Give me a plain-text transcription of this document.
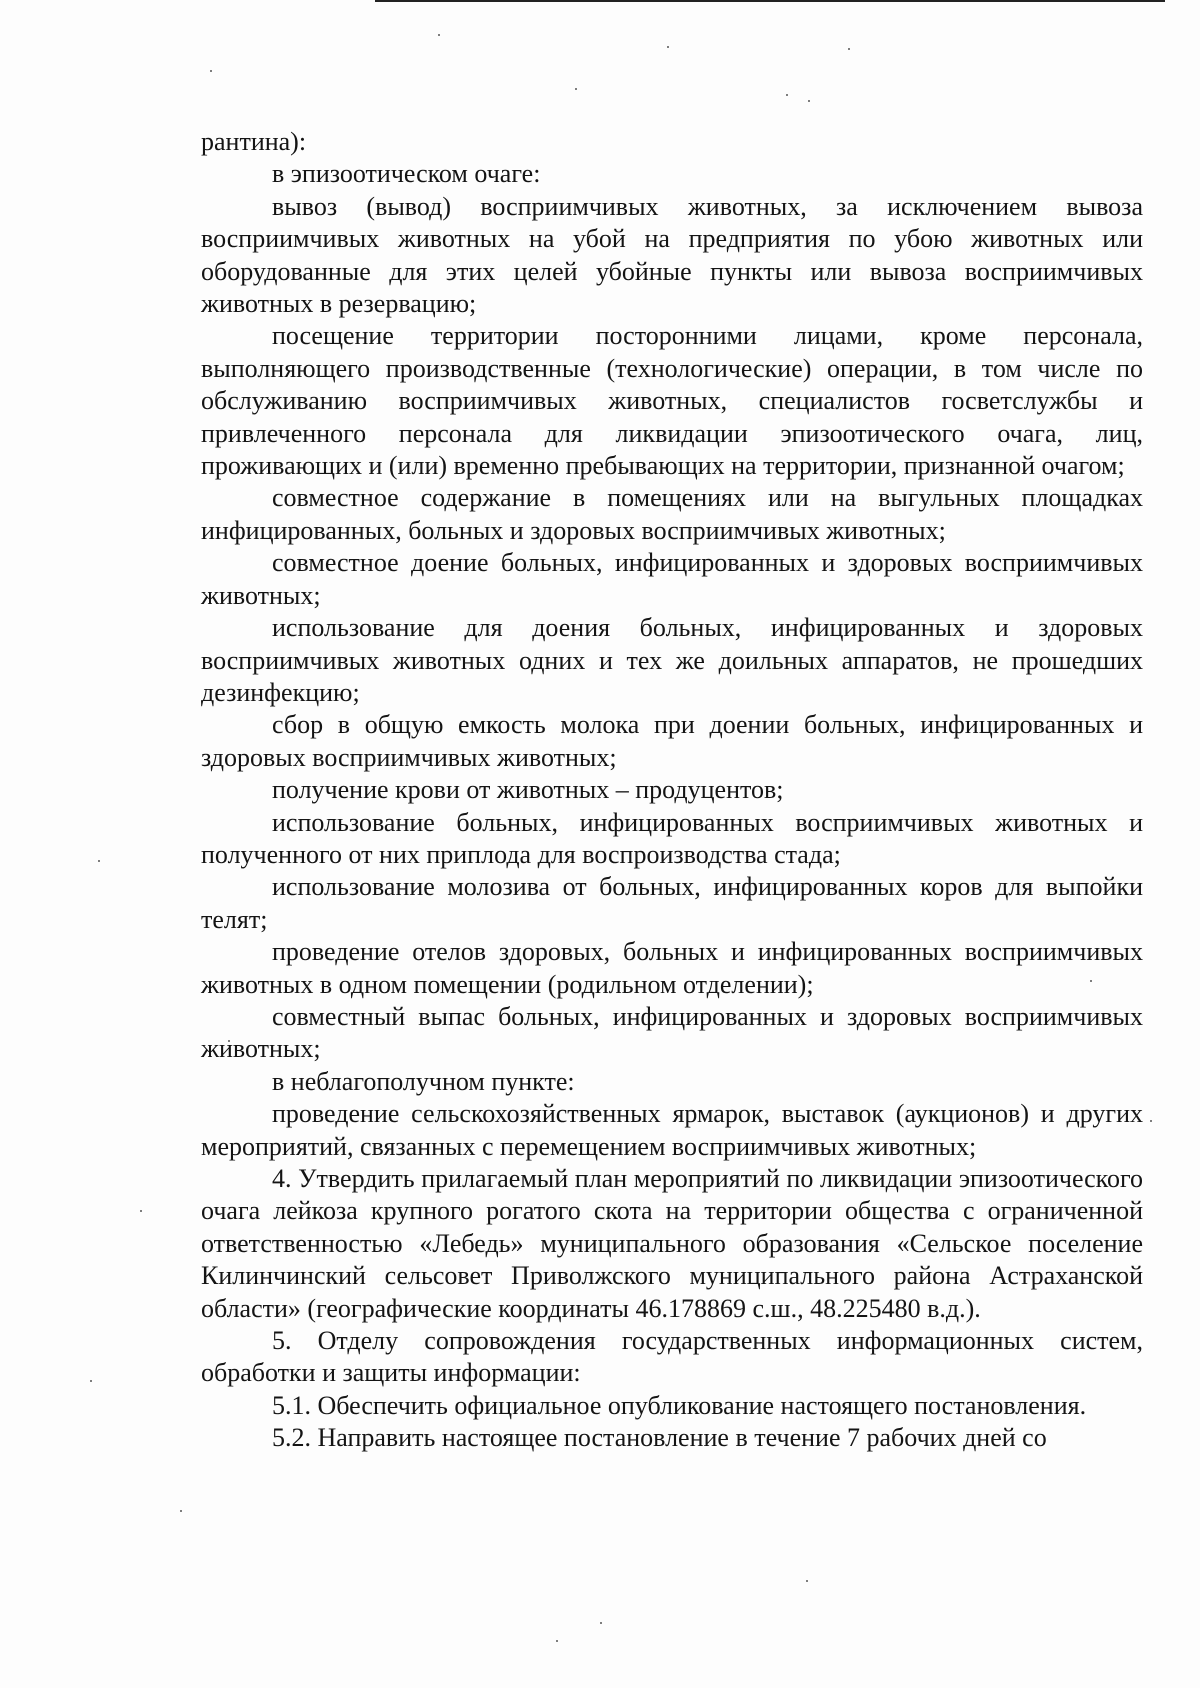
рантина):

в эпизоотическом очаге:

вывоз (вывод) восприимчивых животных, за исключением вывоза восприимчивых животных на убой на предприятия по убою животных или оборудованные для этих целей убойные пункты или вывоза восприимчивых животных в резервацию;

посещение территории посторонними лицами, кроме персонала, выполняющего производственные (технологические) операции, в том числе по обслуживанию восприимчивых животных, специалистов госветслужбы и привлеченного персонала для ликвидации эпизоотического очага, лиц, проживающих и (или) временно пребывающих на территории, признанной очагом;

совместное содержание в помещениях или на выгульных площадках инфицированных, больных и здоровых восприимчивых животных;

совместное доение больных, инфицированных и здоровых восприимчивых животных;

использование для доения больных, инфицированных и здоровых восприимчивых животных одних и тех же доильных аппаратов, не прошедших дезинфекцию;

сбор в общую емкость молока при доении больных, инфицированных и здоровых восприимчивых животных;

получение крови от животных – продуцентов;

использование больных, инфицированных восприимчивых животных и полученного от них приплода для воспроизводства стада;

использование молозива от больных, инфицированных коров для выпойки телят;

проведение отелов здоровых, больных и инфицированных восприимчивых животных в одном помещении (родильном отделении);

совместный выпас больных, инфицированных и здоровых восприимчивых животных;

в неблагополучном пункте:

проведение сельскохозяйственных ярмарок, выставок (аукционов) и других мероприятий, связанных с перемещением восприимчивых животных;

4. Утвердить прилагаемый план мероприятий по ликвидации эпизоотического очага лейкоза крупного рогатого скота на территории общества с ограниченной ответственностью «Лебедь» муниципального образования «Сельское поселение Килинчинский сельсовет Приволжского муниципального района Астраханской области» (географические координаты 46.178869 с.ш., 48.225480 в.д.).

5. Отделу сопровождения государственных информационных систем, обработки и защиты информации:

5.1. Обеспечить официальное опубликование настоящего постановления.

5.2. Направить настоящее постановление в течение 7 рабочих дней со
